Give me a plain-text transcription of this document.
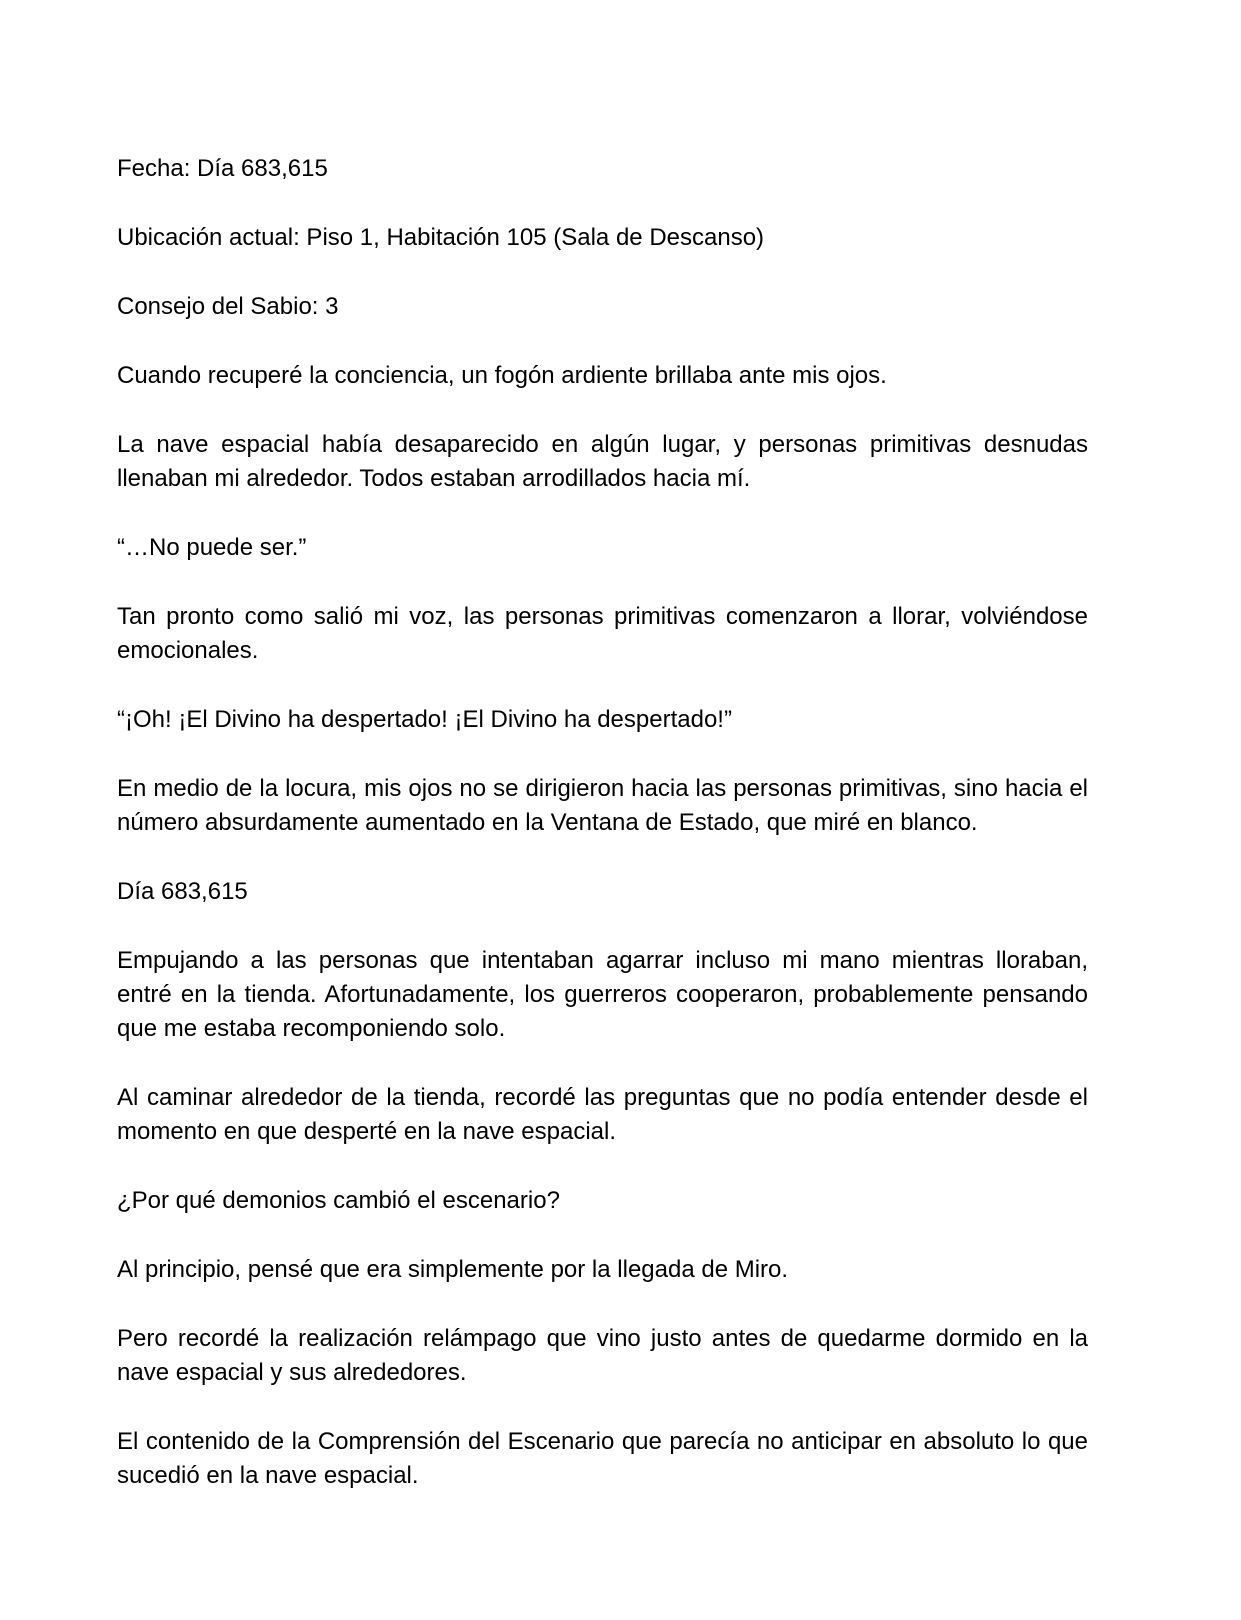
Fecha: Día 683,615

Ubicación actual: Piso 1, Habitación 105 (Sala de Descanso)

Consejo del Sabio: 3

Cuando recuperé la conciencia, un fogón ardiente brillaba ante mis ojos.

La nave espacial había desaparecido en algún lugar, y personas primitivas desnudas llenaban mi alrededor. Todos estaban arrodillados hacia mí.

“…No puede ser.”

Tan pronto como salió mi voz, las personas primitivas comenzaron a llorar, volviéndose emocionales.

“¡Oh! ¡El Divino ha despertado! ¡El Divino ha despertado!”

En medio de la locura, mis ojos no se dirigieron hacia las personas primitivas, sino hacia el número absurdamente aumentado en la Ventana de Estado, que miré en blanco.

Día 683,615

Empujando a las personas que intentaban agarrar incluso mi mano mientras lloraban, entré en la tienda. Afortunadamente, los guerreros cooperaron, probablemente pensando que me estaba recomponiendo solo.

Al caminar alrededor de la tienda, recordé las preguntas que no podía entender desde el momento en que desperté en la nave espacial.

¿Por qué demonios cambió el escenario?

Al principio, pensé que era simplemente por la llegada de Miro.

Pero recordé la realización relámpago que vino justo antes de quedarme dormido en la nave espacial y sus alrededores.

El contenido de la Comprensión del Escenario que parecía no anticipar en absoluto lo que sucedió en la nave espacial.
